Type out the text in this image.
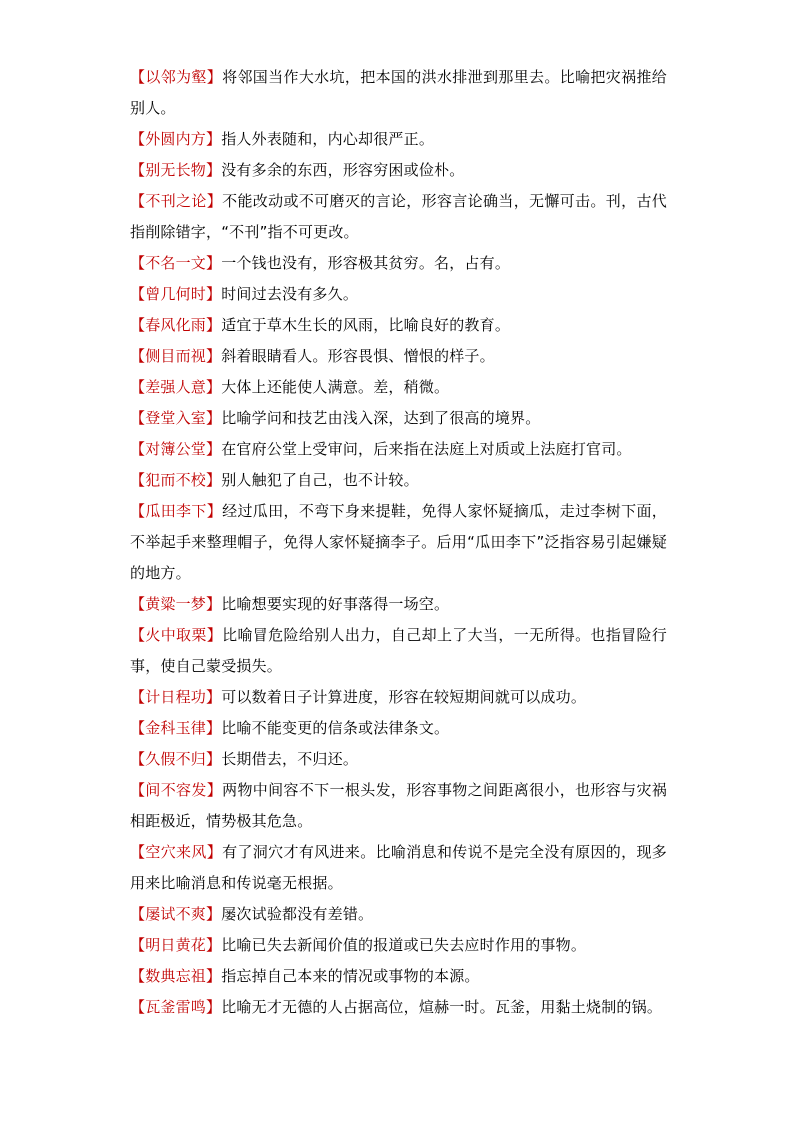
【以邻为壑】将邻国当作大水坑，把本国的洪水排泄到那里去。比喻把灾祸推给别人。

【外圆内方】指人外表随和，内心却很严正。

【别无长物】没有多余的东西，形容穷困或俭朴。

【不刊之论】不能改动或不可磨灭的言论，形容言论确当，无懈可击。刊，古代指削除错字，“不刊”指不可更改。

【不名一文】一个钱也没有，形容极其贫穷。名，占有。

【曾几何时】时间过去没有多久。

【春风化雨】适宜于草木生长的风雨，比喻良好的教育。

【侧目而视】斜着眼睛看人。形容畏惧、憎恨的样子。

【差强人意】大体上还能使人满意。差，稍微。

【登堂入室】比喻学问和技艺由浅入深，达到了很高的境界。

【对簿公堂】在官府公堂上受审问，后来指在法庭上对质或上法庭打官司。

【犯而不校】别人触犯了自己，也不计较。

【瓜田李下】经过瓜田，不弯下身来提鞋，免得人家怀疑摘瓜，走过李树下面，不举起手来整理帽子，免得人家怀疑摘李子。后用“瓜田李下”泛指容易引起嫌疑的地方。

【黄粱一梦】比喻想要实现的好事落得一场空。

【火中取栗】比喻冒危险给别人出力，自己却上了大当，一无所得。也指冒险行事，使自己蒙受损失。

【计日程功】可以数着日子计算进度，形容在较短期间就可以成功。

【金科玉律】比喻不能变更的信条或法律条文。

【久假不归】长期借去，不归还。

【间不容发】两物中间容不下一根头发，形容事物之间距离很小，也形容与灾祸相距极近，情势极其危急。

【空穴来风】有了洞穴才有风进来。比喻消息和传说不是完全没有原因的，现多用来比喻消息和传说毫无根据。

【屡试不爽】屡次试验都没有差错。

【明日黄花】比喻已失去新闻价值的报道或已失去应时作用的事物。

【数典忘祖】指忘掉自己本来的情况或事物的本源。

【瓦釜雷鸣】比喻无才无德的人占据高位，煊赫一时。瓦釜，用黏土烧制的锅。
